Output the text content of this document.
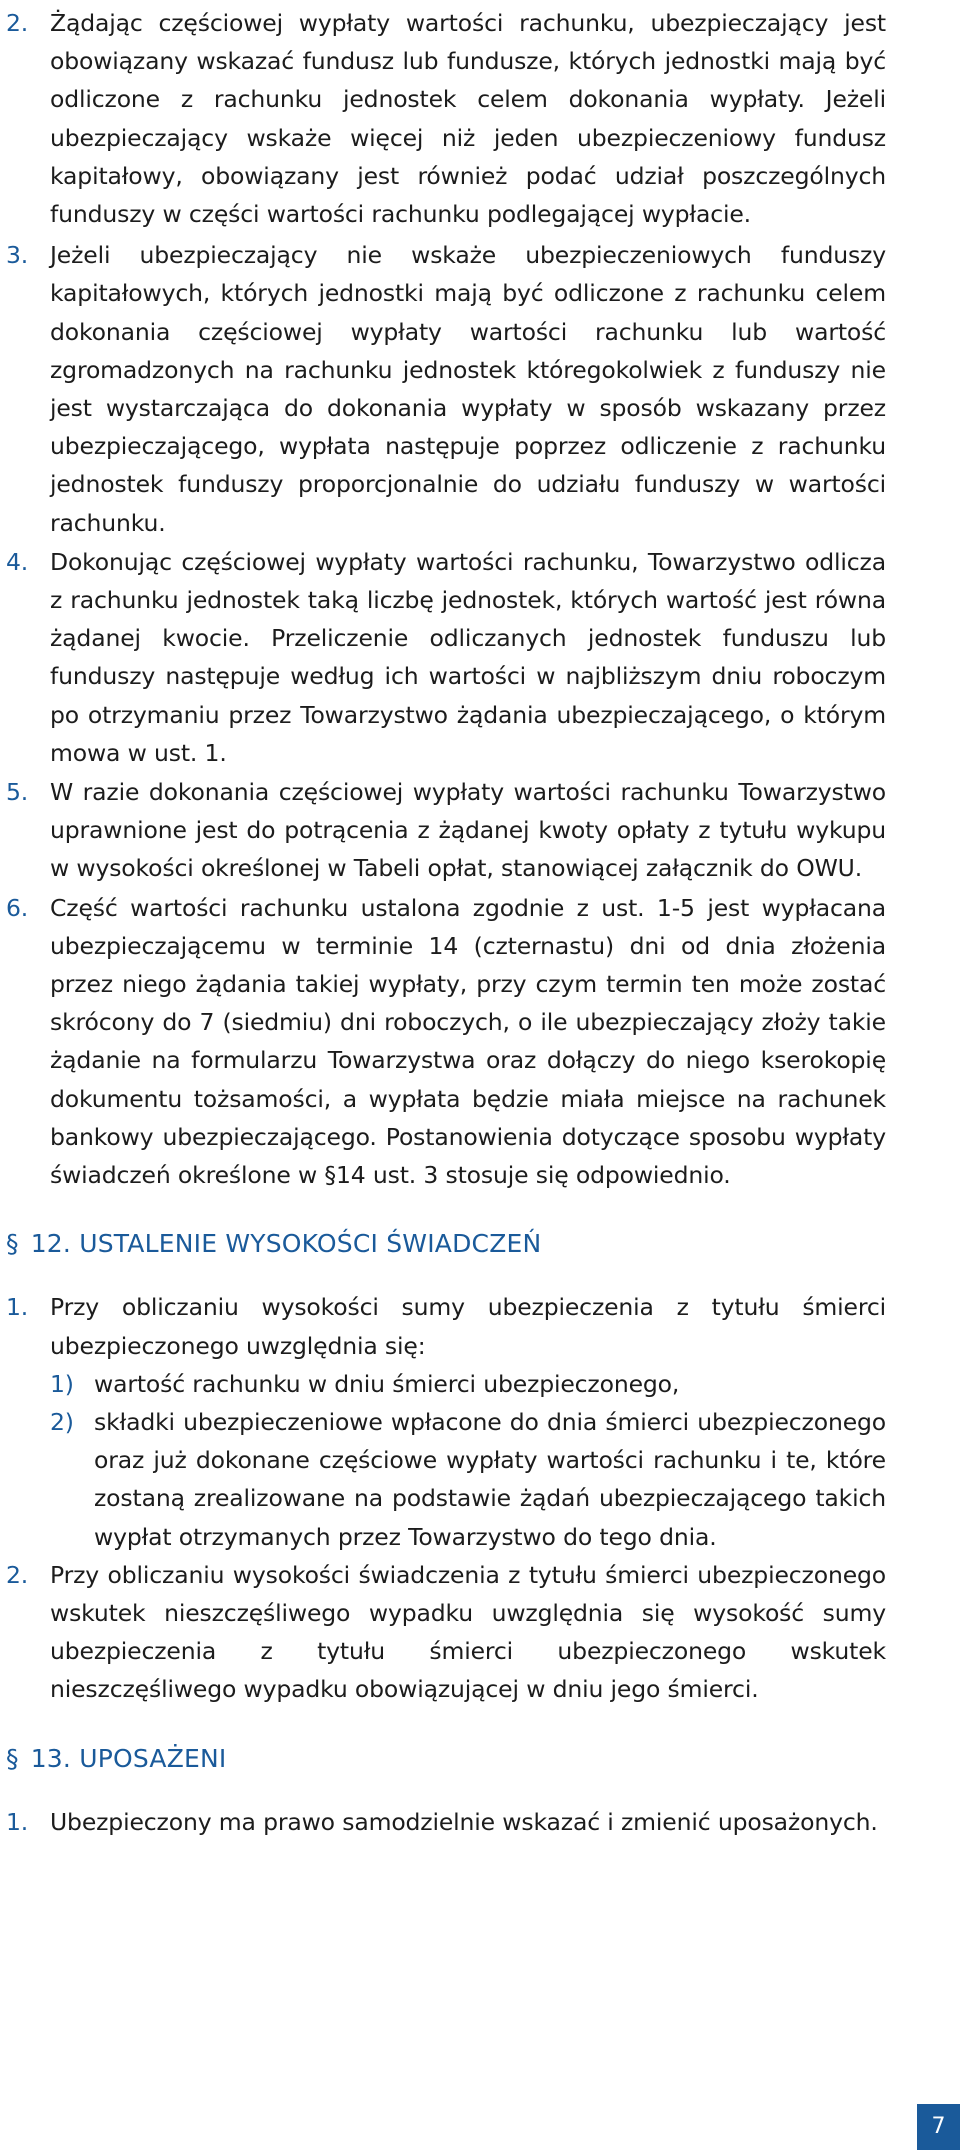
2. Żądając częściowej wypłaty wartości rachunku, ubezpieczający jest obowiązany wskazać fundusz lub fundusze, których jednostki mają być odliczone z rachunku jednostek celem dokonania wypłaty. Jeżeli ubezpieczający wskaże więcej niż jeden ubezpieczeniowy fundusz kapitałowy, obowiązany jest również podać udział poszczególnych funduszy w części wartości rachunku podlegającej wypłacie.
3. Jeżeli ubezpieczający nie wskaże ubezpieczeniowych funduszy kapitałowych, których jednostki mają być odliczone z rachunku celem dokonania częściowej wypłaty wartości rachunku lub wartość zgromadzonych na rachunku jednostek któregokolwiek z funduszy nie jest wystarczająca do dokonania wypłaty w sposób wskazany przez ubezpieczającego, wypłata następuje poprzez odliczenie z rachunku jednostek funduszy proporcjonalnie do udziału funduszy w wartości rachunku.
4. Dokonując częściowej wypłaty wartości rachunku, Towarzystwo odlicza z rachunku jednostek taką liczbę jednostek, których wartość jest równa żądanej kwocie. Przeliczenie odliczanych jednostek funduszu lub funduszy następuje według ich wartości w najbliższym dniu roboczym po otrzymaniu przez Towarzystwo żądania ubezpieczającego, o którym mowa w ust. 1.
5. W razie dokonania częściowej wypłaty wartości rachunku Towarzystwo uprawnione jest do potrącenia z żądanej kwoty opłaty z tytułu wykupu w wysokości określonej w Tabeli opłat, stanowiącej załącznik do OWU.
6. Część wartości rachunku ustalona zgodnie z ust. 1-5 jest wypłacana ubezpieczającemu w terminie 14 (czternastu) dni od dnia złożenia przez niego żądania takiej wypłaty, przy czym termin ten może zostać skrócony do 7 (siedmiu) dni roboczych, o ile ubezpieczający złoży takie żądanie na formularzu Towarzystwa oraz dołączy do niego kserokopię dokumentu tożsamości, a wypłata będzie miała miejsce na rachunek bankowy ubezpieczającego. Postanowienia dotyczące sposobu wypłaty świadczeń określone w §14 ust. 3 stosuje się odpowiednio.
§ 12. USTALENIE WYSOKOŚCI ŚWIADCZEŃ
1. Przy obliczaniu wysokości sumy ubezpieczenia z tytułu śmierci ubezpieczonego uwzględnia się:
1) wartość rachunku w dniu śmierci ubezpieczonego,
2) składki ubezpieczeniowe wpłacone do dnia śmierci ubezpieczonego oraz już dokonane częściowe wypłaty wartości rachunku i te, które zostaną zrealizowane na podstawie żądań ubezpieczającego takich wypłat otrzymanych przez Towarzystwo do tego dnia.
2. Przy obliczaniu wysokości świadczenia z tytułu śmierci ubezpieczonego wskutek nieszczęśliwego wypadku uwzględnia się wysokość sumy ubezpieczenia z tytułu śmierci ubezpieczonego wskutek nieszczęśliwego wypadku obowiązującej w dniu jego śmierci.
§ 13. UPOSAŻENI
1. Ubezpieczony ma prawo samodzielnie wskazać i zmienić uposażonych.
7
